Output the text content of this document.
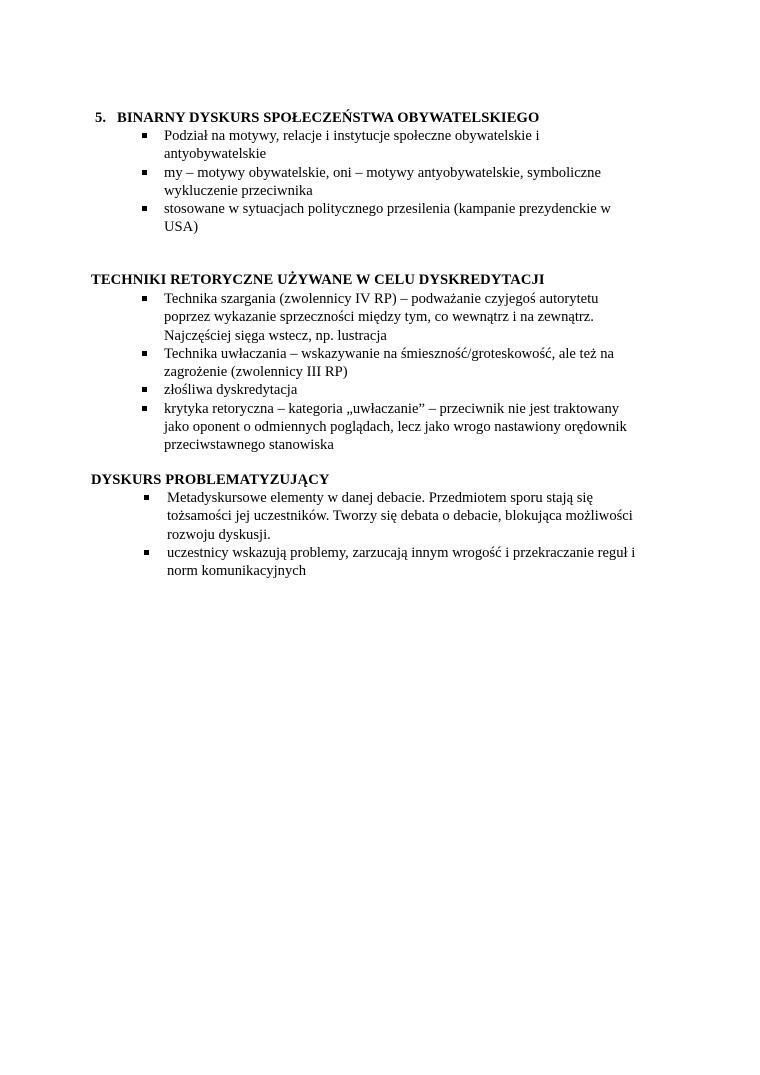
5. BINARNY DYSKURS SPOŁECZEŃSTWA OBYWATELSKIEGO
Podział na motywy, relacje i instytucje społeczne obywatelskie i
antyobywatelskie
my – motywy obywatelskie, oni – motywy antyobywatelskie, symboliczne
wykluczenie przeciwnika
stosowane w sytuacjach politycznego przesilenia (kampanie prezydenckie w
USA)
TECHNIKI RETORYCZNE UŻYWANE W CELU DYSKREDYTACJI
Technika szargania (zwolennicy IV RP) – podważanie czyjegoś autorytetu
poprzez wykazanie sprzeczności między tym, co wewnątrz i na zewnątrz.
Najczęściej sięga wstecz, np. lustracja
Technika uwłaczania – wskazywanie na śmieszność/groteskowość, ale też na
zagrożenie (zwolennicy III RP)
złośliwa dyskredytacja
krytyka retoryczna – kategoria „uwłaczanie” – przeciwnik nie jest traktowany
jako oponent o odmiennych poglądach, lecz jako wrogo nastawiony orędownik
przeciwstawnego stanowiska
DYSKURS PROBLEMATYZUJĄCY
Metadyskursowe elementy w danej debacie. Przedmiotem sporu stają się
tożsamości jej uczestników. Tworzy się debata o debacie, blokująca możliwości
rozwoju dyskusji.
uczestnicy wskazują problemy, zarzucają innym wrogość i przekraczanie reguł i
norm komunikacyjnych
